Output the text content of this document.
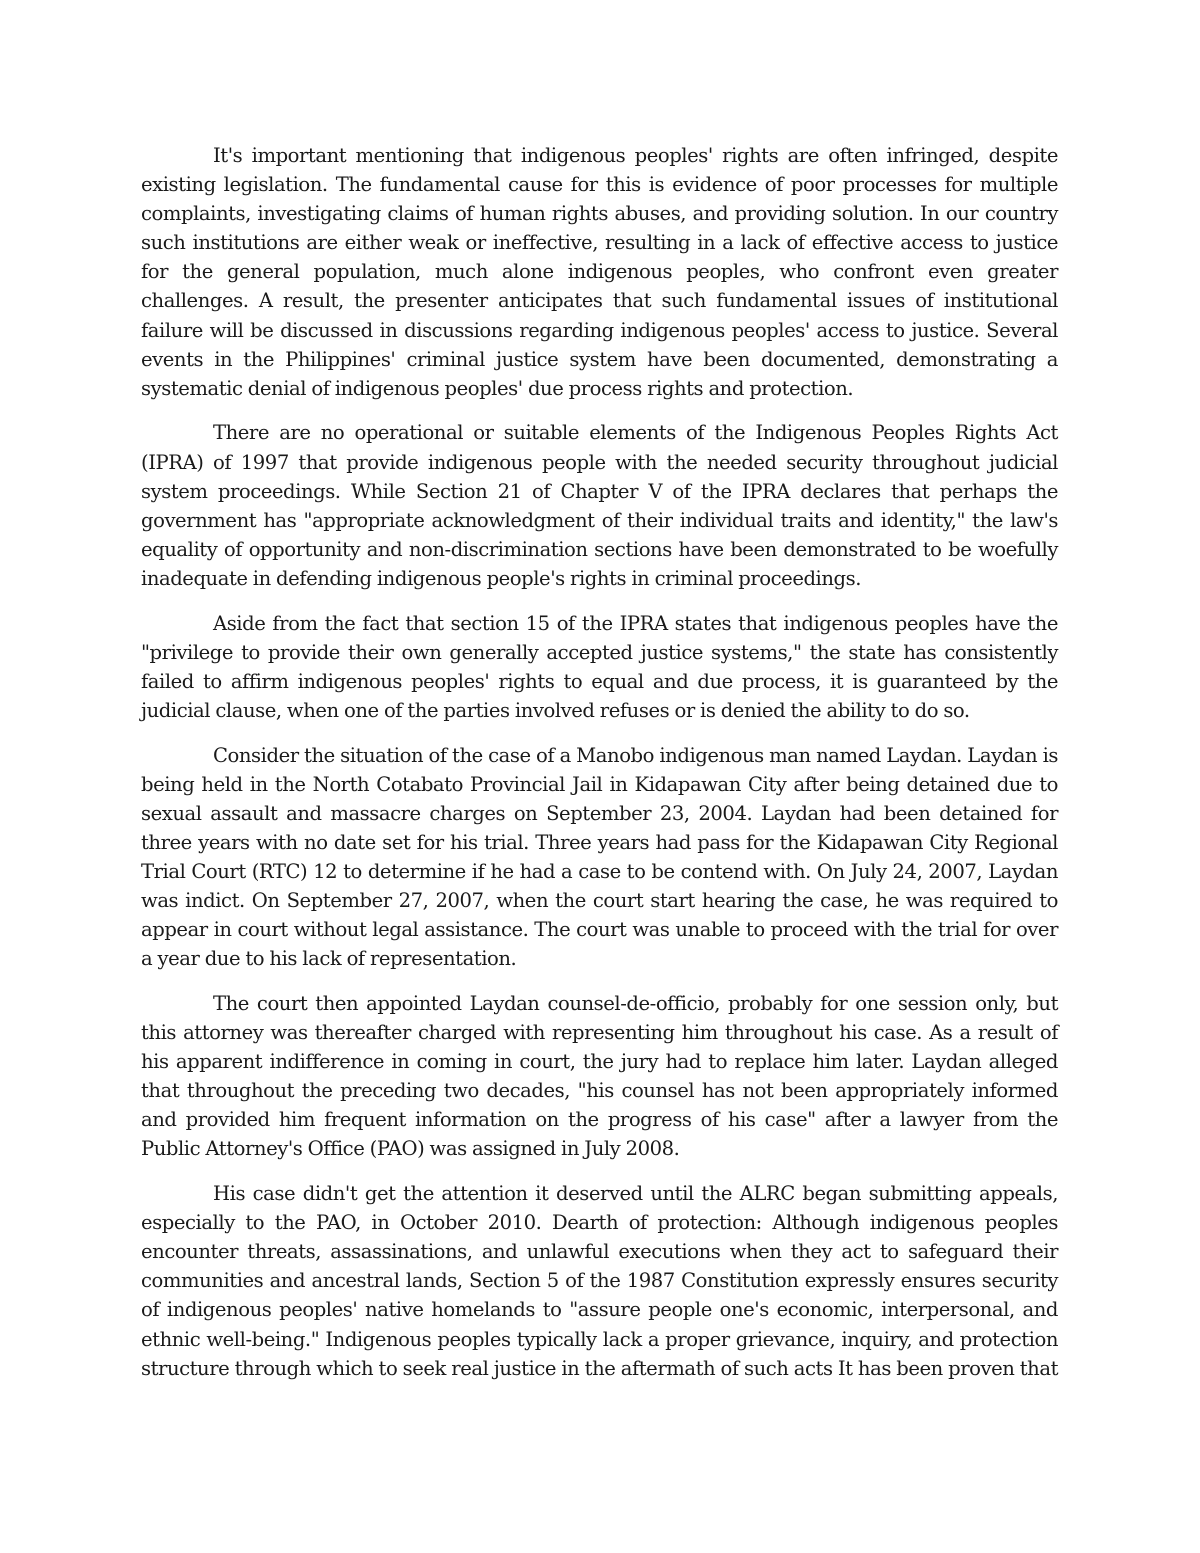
It's important mentioning that indigenous peoples' rights are often infringed, despite existing legislation. The fundamental cause for this is evidence of poor processes for multiple complaints, investigating claims of human rights abuses, and providing solution. In our country such institutions are either weak or ineffective, resulting in a lack of effective access to justice for the general population, much alone indigenous peoples, who confront even greater challenges. A result, the presenter anticipates that such fundamental issues of institutional failure will be discussed in discussions regarding indigenous peoples' access to justice. Several events in the Philippines' criminal justice system have been documented, demonstrating a systematic denial of indigenous peoples' due process rights and protection.

There are no operational or suitable elements of the Indigenous Peoples Rights Act (IPRA) of 1997 that provide indigenous people with the needed security throughout judicial system proceedings. While Section 21 of Chapter V of the IPRA declares that perhaps the government has "appropriate acknowledgment of their individual traits and identity," the law's equality of opportunity and non-discrimination sections have been demonstrated to be woefully inadequate in defending indigenous people's rights in criminal proceedings.

Aside from the fact that section 15 of the IPRA states that indigenous peoples have the "privilege to provide their own generally accepted justice systems," the state has consistently failed to affirm indigenous peoples' rights to equal and due process, it is guaranteed by the judicial clause, when one of the parties involved refuses or is denied the ability to do so.

Consider the situation of the case of a Manobo indigenous man named Laydan. Laydan is being held in the North Cotabato Provincial Jail in Kidapawan City after being detained due to sexual assault and massacre charges on September 23, 2004. Laydan had been detained for three years with no date set for his trial. Three years had pass for the Kidapawan City Regional Trial Court (RTC) 12 to determine if he had a case to be contend with. On July 24, 2007, Laydan was indict. On September 27, 2007, when the court start hearing the case, he was required to appear in court without legal assistance. The court was unable to proceed with the trial for over a year due to his lack of representation.

The court then appointed Laydan counsel-de-officio, probably for one session only, but this attorney was thereafter charged with representing him throughout his case. As a result of his apparent indifference in coming in court, the jury had to replace him later. Laydan alleged that throughout the preceding two decades, "his counsel has not been appropriately informed and provided him frequent information on the progress of his case" after a lawyer from the Public Attorney's Office (PAO) was assigned in July 2008.

His case didn't get the attention it deserved until the ALRC began submitting appeals, especially to the PAO, in October 2010. Dearth of protection: Although indigenous peoples encounter threats, assassinations, and unlawful executions when they act to safeguard their communities and ancestral lands, Section 5 of the 1987 Constitution expressly ensures security of indigenous peoples' native homelands to "assure people one's economic, interpersonal, and ethnic well-being." Indigenous peoples typically lack a proper grievance, inquiry, and protection structure through which to seek real justice in the aftermath of such acts It has been proven that
